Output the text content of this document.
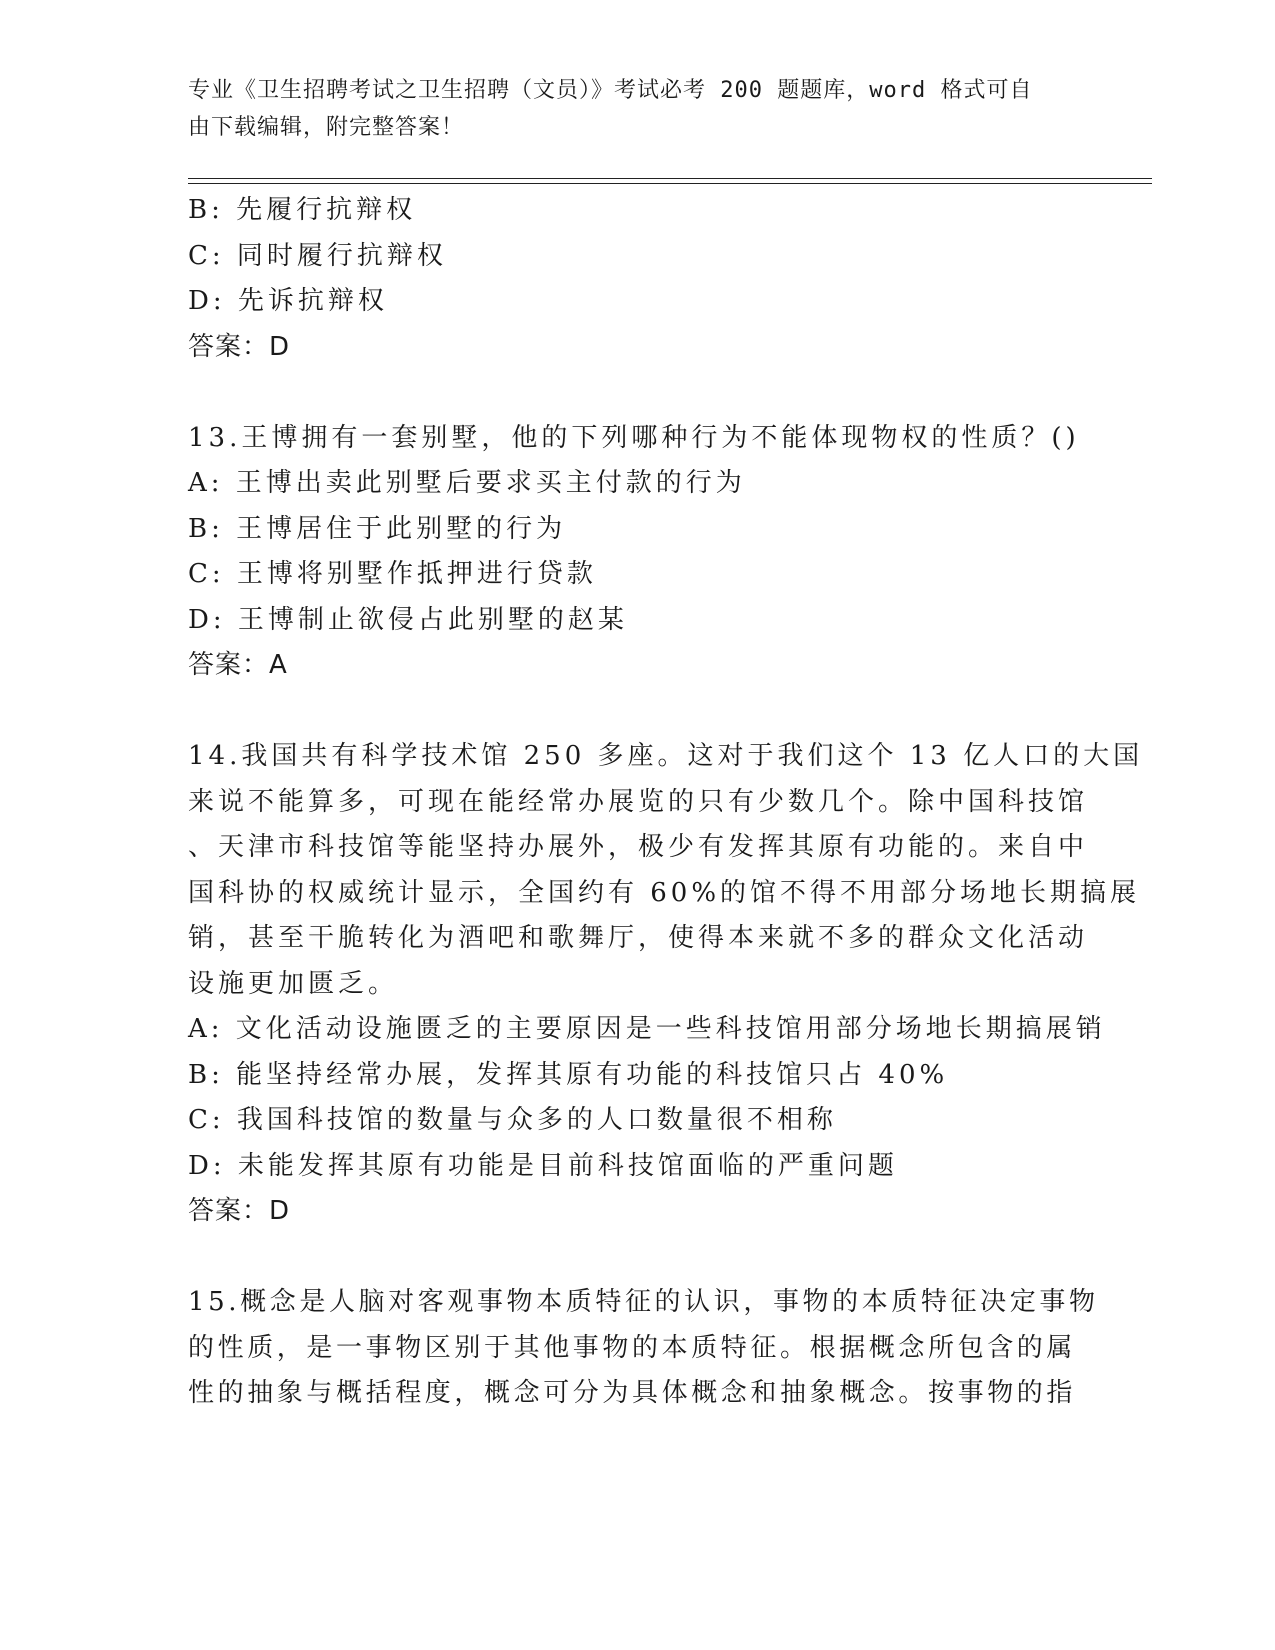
专业《卫生招聘考试之卫生招聘（文员）》考试必考 200 题题库，word 格式可自
由下载编辑，附完整答案！
B: 先履行抗辩权
C: 同时履行抗辩权
D: 先诉抗辩权
答案：D
13.王博拥有一套别墅，他的下列哪种行为不能体现物权的性质？()
A: 王博出卖此别墅后要求买主付款的行为
B: 王博居住于此别墅的行为
C: 王博将别墅作抵押进行贷款
D: 王博制止欲侵占此别墅的赵某
答案：A
14.我国共有科学技术馆 250 多座。这对于我们这个 13 亿人口的大国
来说不能算多，可现在能经常办展览的只有少数几个。除中国科技馆
、天津市科技馆等能坚持办展外，极少有发挥其原有功能的。来自中
国科协的权威统计显示，全国约有 60%的馆不得不用部分场地长期搞展
销，甚至干脆转化为酒吧和歌舞厅，使得本来就不多的群众文化活动
设施更加匮乏。
A: 文化活动设施匮乏的主要原因是一些科技馆用部分场地长期搞展销
B: 能坚持经常办展，发挥其原有功能的科技馆只占 40%
C: 我国科技馆的数量与众多的人口数量很不相称
D: 未能发挥其原有功能是目前科技馆面临的严重问题
答案：D
15.概念是人脑对客观事物本质特征的认识，事物的本质特征决定事物
的性质，是一事物区别于其他事物的本质特征。根据概念所包含的属
性的抽象与概括程度，概念可分为具体概念和抽象概念。按事物的指
